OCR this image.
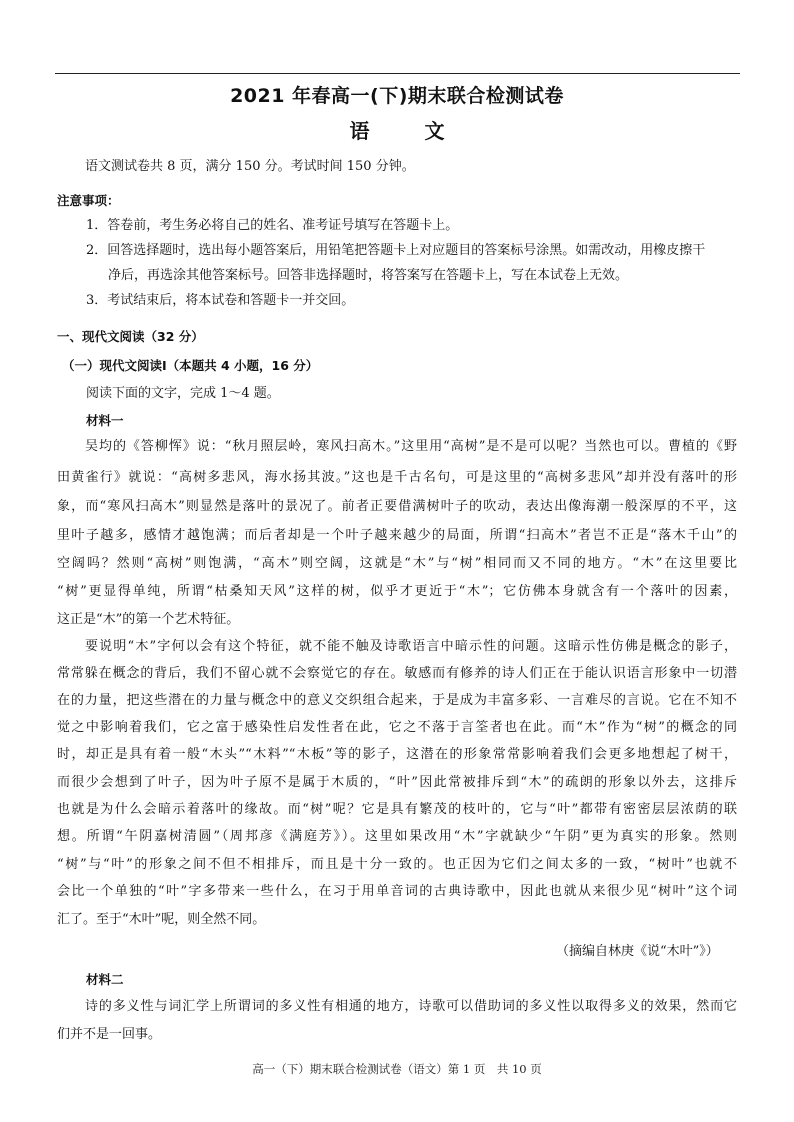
2021 年春高一(下)期末联合检测试卷
语 文
语文测试卷共 8 页，满分 150 分。考试时间 150 分钟。
注意事项：
1．答卷前，考生务必将自己的姓名、准考证号填写在答题卡上。
2．回答选择题时，选出每小题答案后，用铅笔把答题卡上对应题目的答案标号涂黑。如需改动，用橡皮擦干
净后，再选涂其他答案标号。回答非选择题时，将答案写在答题卡上，写在本试卷上无效。
3．考试结束后，将本试卷和答题卡一并交回。
一、现代文阅读（32 分）
（一）现代文阅读Ⅰ（本题共 4 小题，16 分）
阅读下面的文字，完成 1～4 题。
材料一
吴均的《答柳恽》说：“秋月照层岭，寒风扫高木。”这里用“高树”是不是可以呢？当然也可以。曹植的《野
田黄雀行》就说：“高树多悲风，海水扬其波。”这也是千古名句，可是这里的“高树多悲风”却并没有落叶的形
象，而“寒风扫高木”则显然是落叶的景况了。前者正要借满树叶子的吹动，表达出像海潮一般深厚的不平，这
里叶子越多，感情才越饱满；而后者却是一个叶子越来越少的局面，所谓“扫高木”者岂不正是“落木千山”的
空阔吗？然则“高树”则饱满，“高木”则空阔，这就是“木”与“树”相同而又不同的地方。“木”在这里要比
“树”更显得单纯，所谓“枯桑知天风”这样的树，似乎才更近于“木”；它仿佛本身就含有一个落叶的因素，
这正是“木”的第一个艺术特征。
要说明“木”字何以会有这个特征，就不能不触及诗歌语言中暗示性的问题。这暗示性仿佛是概念的影子，
常常躲在概念的背后，我们不留心就不会察觉它的存在。敏感而有修养的诗人们正在于能认识语言形象中一切潜
在的力量，把这些潜在的力量与概念中的意义交织组合起来，于是成为丰富多彩、一言难尽的言说。它在不知不
觉之中影响着我们，它之富于感染性启发性者在此，它之不落于言筌者也在此。而“木”作为“树”的概念的同
时，却正是具有着一般“木头”“木料”“木板”等的影子，这潜在的形象常常影响着我们会更多地想起了树干，
而很少会想到了叶子，因为叶子原不是属于木质的，“叶”因此常被排斥到“木”的疏朗的形象以外去，这排斥
也就是为什么会暗示着落叶的缘故。而“树”呢？它是具有繁茂的枝叶的，它与“叶”都带有密密层层浓荫的联
想。所谓“午阴嘉树清圆”（周邦彦《满庭芳》）。这里如果改用“木”字就缺少“午阴”更为真实的形象。然则
“树”与“叶”的形象之间不但不相排斥，而且是十分一致的。也正因为它们之间太多的一致，“树叶”也就不
会比一个单独的“叶”字多带来一些什么，在习于用单音词的古典诗歌中，因此也就从来很少见“树叶”这个词
汇了。至于“木叶”呢，则全然不同。
（摘编自林庚《说“木叶”》）
材料二
诗的多义性与词汇学上所谓词的多义性有相通的地方，诗歌可以借助词的多义性以取得多义的效果，然而它
们并不是一回事。
高一（下）期末联合检测试卷（语文）第 1 页　共 10 页
